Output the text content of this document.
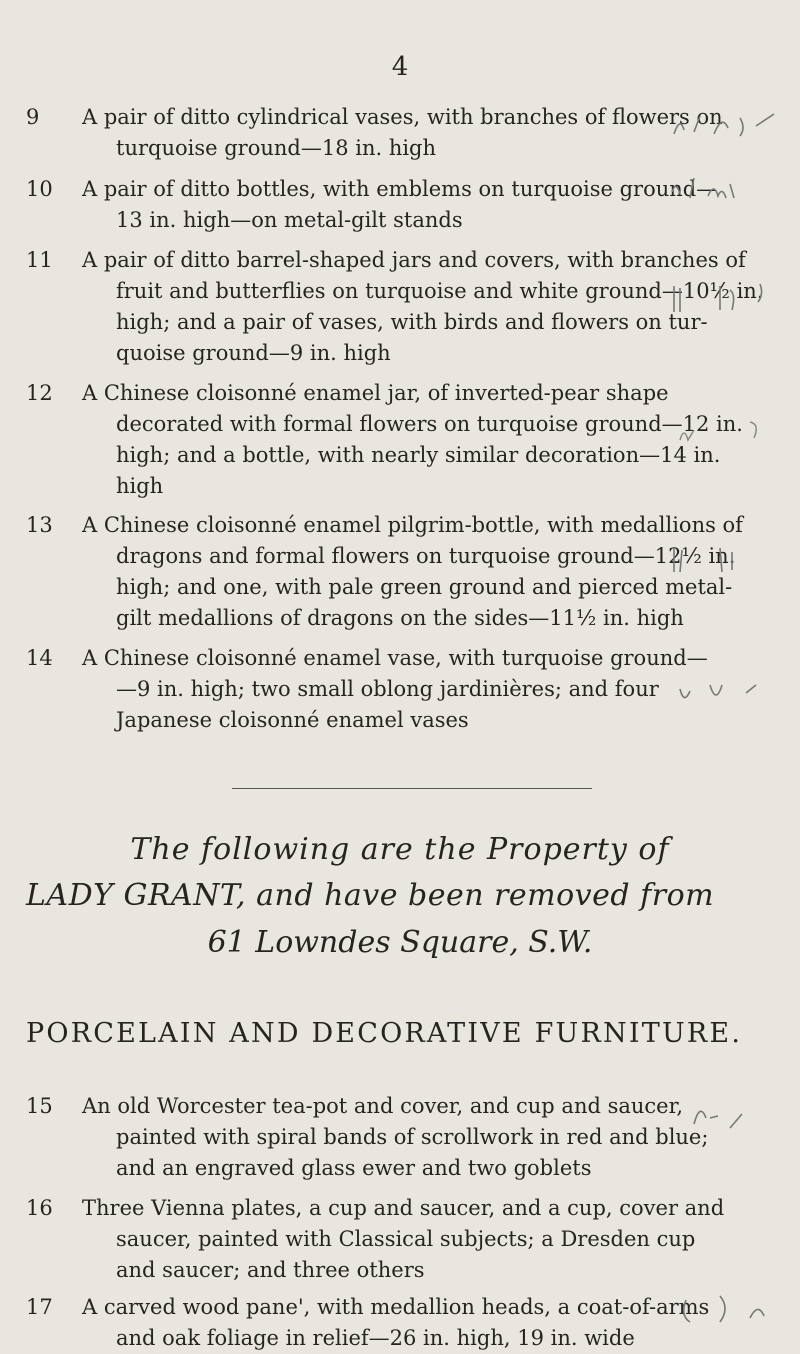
4
9	A pair of ditto cylindrical vases, with branches of flowers on
turquoise ground—18 in. high
10	A pair of ditto bottles, with emblems on turquoise ground—
13 in. high—on metal-gilt stands
11	A pair of ditto barrel-shaped jars and covers, with branches of
fruit and butterflies on turquoise and white ground—10½ in.
high; and a pair of vases, with birds and flowers on tur-
quoise ground—9 in. high
12	A Chinese cloisonné enamel jar, of inverted-pear shape
decorated with formal flowers on turquoise ground—12 in.
high; and a bottle, with nearly similar decoration—14 in.
high
13	A Chinese cloisonné enamel pilgrim-bottle, with medallions of
dragons and formal flowers on turquoise ground—12½ in.
high; and one, with pale green ground and pierced metal-
gilt medallions of dragons on the sides—11½ in. high
14	A Chinese cloisonné enamel vase, with turquoise ground—
—9 in. high; two small oblong jardinières; and four
Japanese cloisonné enamel vases
The following are the Property of
LADY GRANT, and have been removed from
61 Lowndes Square, S.W.
PORCELAIN AND DECORATIVE FURNITURE.
15	An old Worcester tea-pot and cover, and cup and saucer,
painted with spiral bands of scrollwork in red and blue;
and an engraved glass ewer and two goblets
16	Three Vienna plates, a cup and saucer, and a cup, cover and
saucer, painted with Classical subjects; a Dresden cup
and saucer; and three others
17	A carved wood pane', with medallion heads, a coat-of-arms
and oak foliage in relief—26 in. high, 19 in. wide
